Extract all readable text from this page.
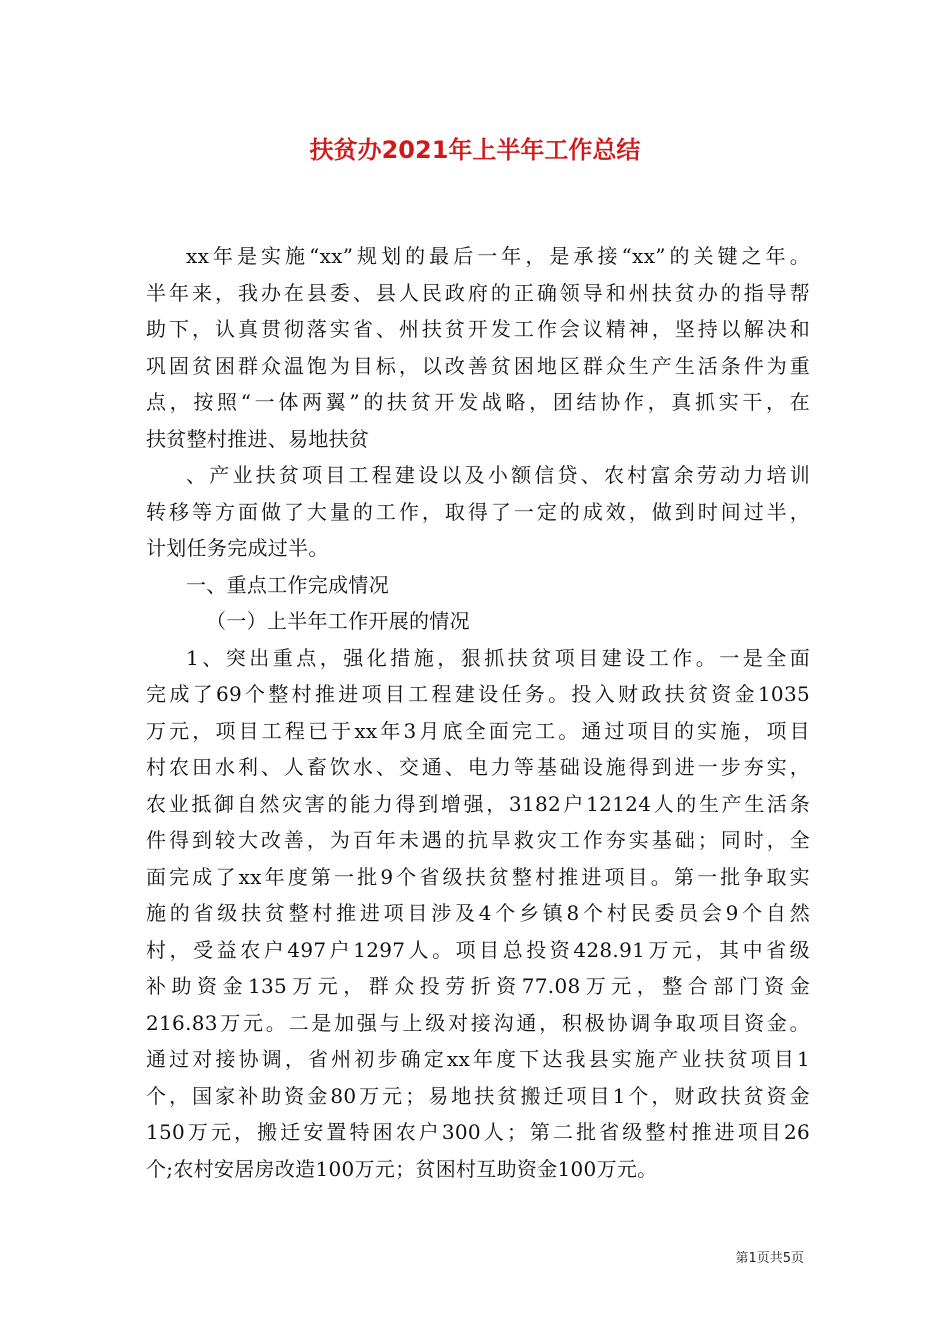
扶贫办2021年上半年工作总结
xx年是实施“xx”规划的最后一年，是承接“xx”的关键之年。
半年来，我办在县委、县人民政府的正确领导和州扶贫办的指导帮
助下，认真贯彻落实省、州扶贫开发工作会议精神，坚持以解决和
巩固贫困群众温饱为目标，以改善贫困地区群众生产生活条件为重
点，按照“一体两翼”的扶贫开发战略，团结协作，真抓实干，在
扶贫整村推进、易地扶贫
、产业扶贫项目工程建设以及小额信贷、农村富余劳动力培训
转移等方面做了大量的工作，取得了一定的成效，做到时间过半，
计划任务完成过半。
一、重点工作完成情况
（一）上半年工作开展的情况
1、突出重点，强化措施，狠抓扶贫项目建设工作。一是全面
完成了69个整村推进项目工程建设任务。投入财政扶贫资金1035
万元，项目工程已于xx年3月底全面完工。通过项目的实施，项目
村农田水利、人畜饮水、交通、电力等基础设施得到进一步夯实，
农业抵御自然灾害的能力得到增强，3182户12124人的生产生活条
件得到较大改善，为百年未遇的抗旱救灾工作夯实基础；同时，全
面完成了xx年度第一批9个省级扶贫整村推进项目。第一批争取实
施的省级扶贫整村推进项目涉及4个乡镇8个村民委员会9个自然
村，受益农户497户1297人。项目总投资428.91万元，其中省级
补助资金135万元，群众投劳折资77.08万元，整合部门资金
216.83万元。二是加强与上级对接沟通，积极协调争取项目资金。
通过对接协调，省州初步确定xx年度下达我县实施产业扶贫项目1
个，国家补助资金80万元；易地扶贫搬迁项目1个，财政扶贫资金
150万元，搬迁安置特困农户300人；第二批省级整村推进项目26
个;农村安居房改造100万元；贫困村互助资金100万元。
第1页共5页
